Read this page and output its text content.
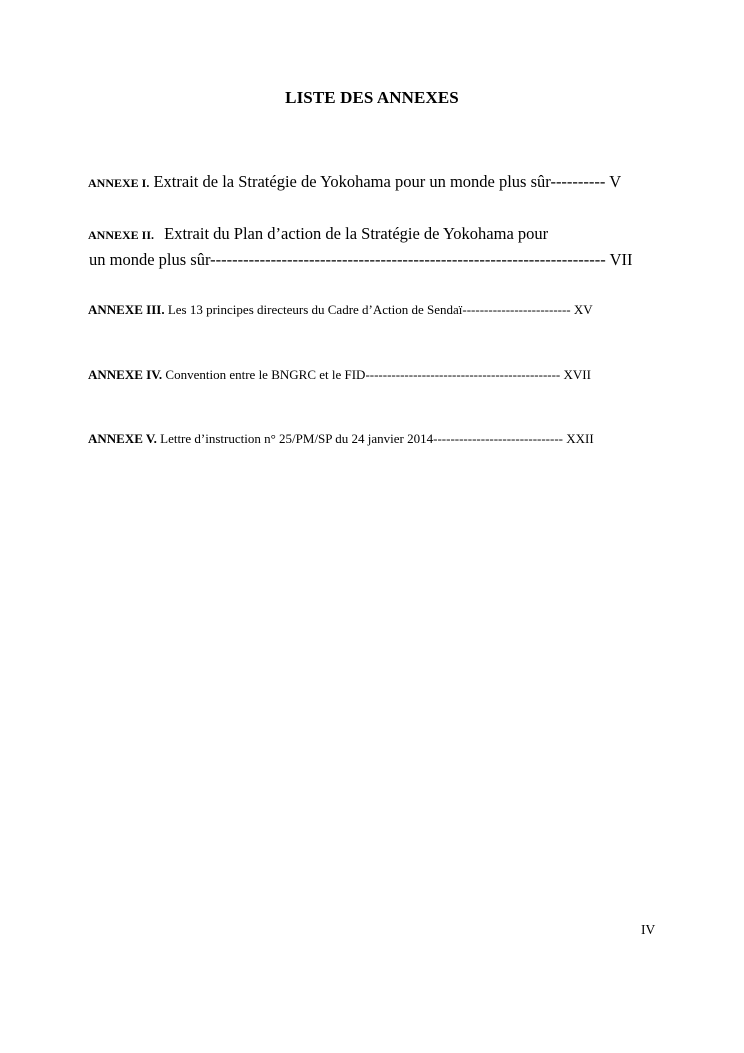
LISTE DES ANNEXES
ANNEXE I. Extrait de la Stratégie de Yokohama pour un monde plus sûr---------- V
ANNEXE II. Extrait du Plan d’action de la Stratégie de Yokohama pour
un monde plus sûr------------------------------------------------------------------------ VII
ANNEXE III. Les 13 principes directeurs du Cadre d’Action de Sendaï------------------------- XV
ANNEXE IV. Convention entre le BNGRC et le FID--------------------------------------------- XVII
ANNEXE V. Lettre d’instruction n° 25/PM/SP du 24 janvier 2014------------------------------ XXII
IV
